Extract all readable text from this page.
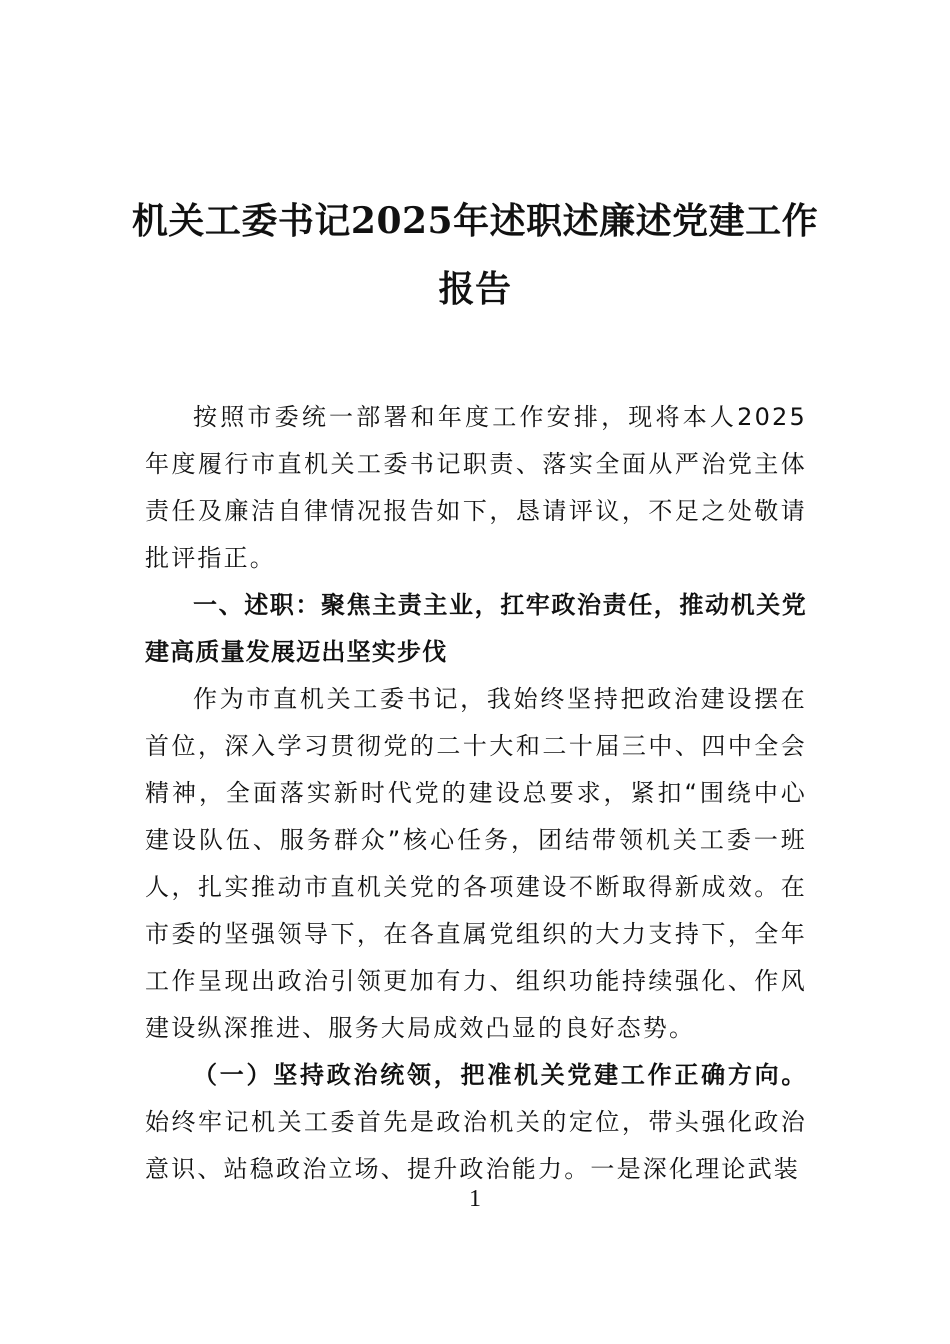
机关工委书记2025年述职述廉述党建工作
报告

按照市委统一部署和年度工作安排，现将本人2025年度履行市直机关工委书记职责、落实全面从严治党主体责任及廉洁自律情况报告如下，恳请评议，不足之处敬请批评指正。

一、述职：聚焦主责主业，扛牢政治责任，推动机关党建高质量发展迈出坚实步伐

作为市直机关工委书记，我始终坚持把政治建设摆在首位，深入学习贯彻党的二十大和二十届三中、四中全会精神，全面落实新时代党的建设总要求，紧扣“围绕中心建设队伍、服务群众”核心任务，团结带领机关工委一班人，扎实推动市直机关党的各项建设不断取得新成效。在市委的坚强领导下，在各直属党组织的大力支持下，全年工作呈现出政治引领更加有力、组织功能持续强化、作风建设纵深推进、服务大局成效凸显的良好态势。

（一）坚持政治统领，把准机关党建工作正确方向。始终牢记机关工委首先是政治机关的定位，带头强化政治意识、站稳政治立场、提升政治能力。一是深化理论武装

1
